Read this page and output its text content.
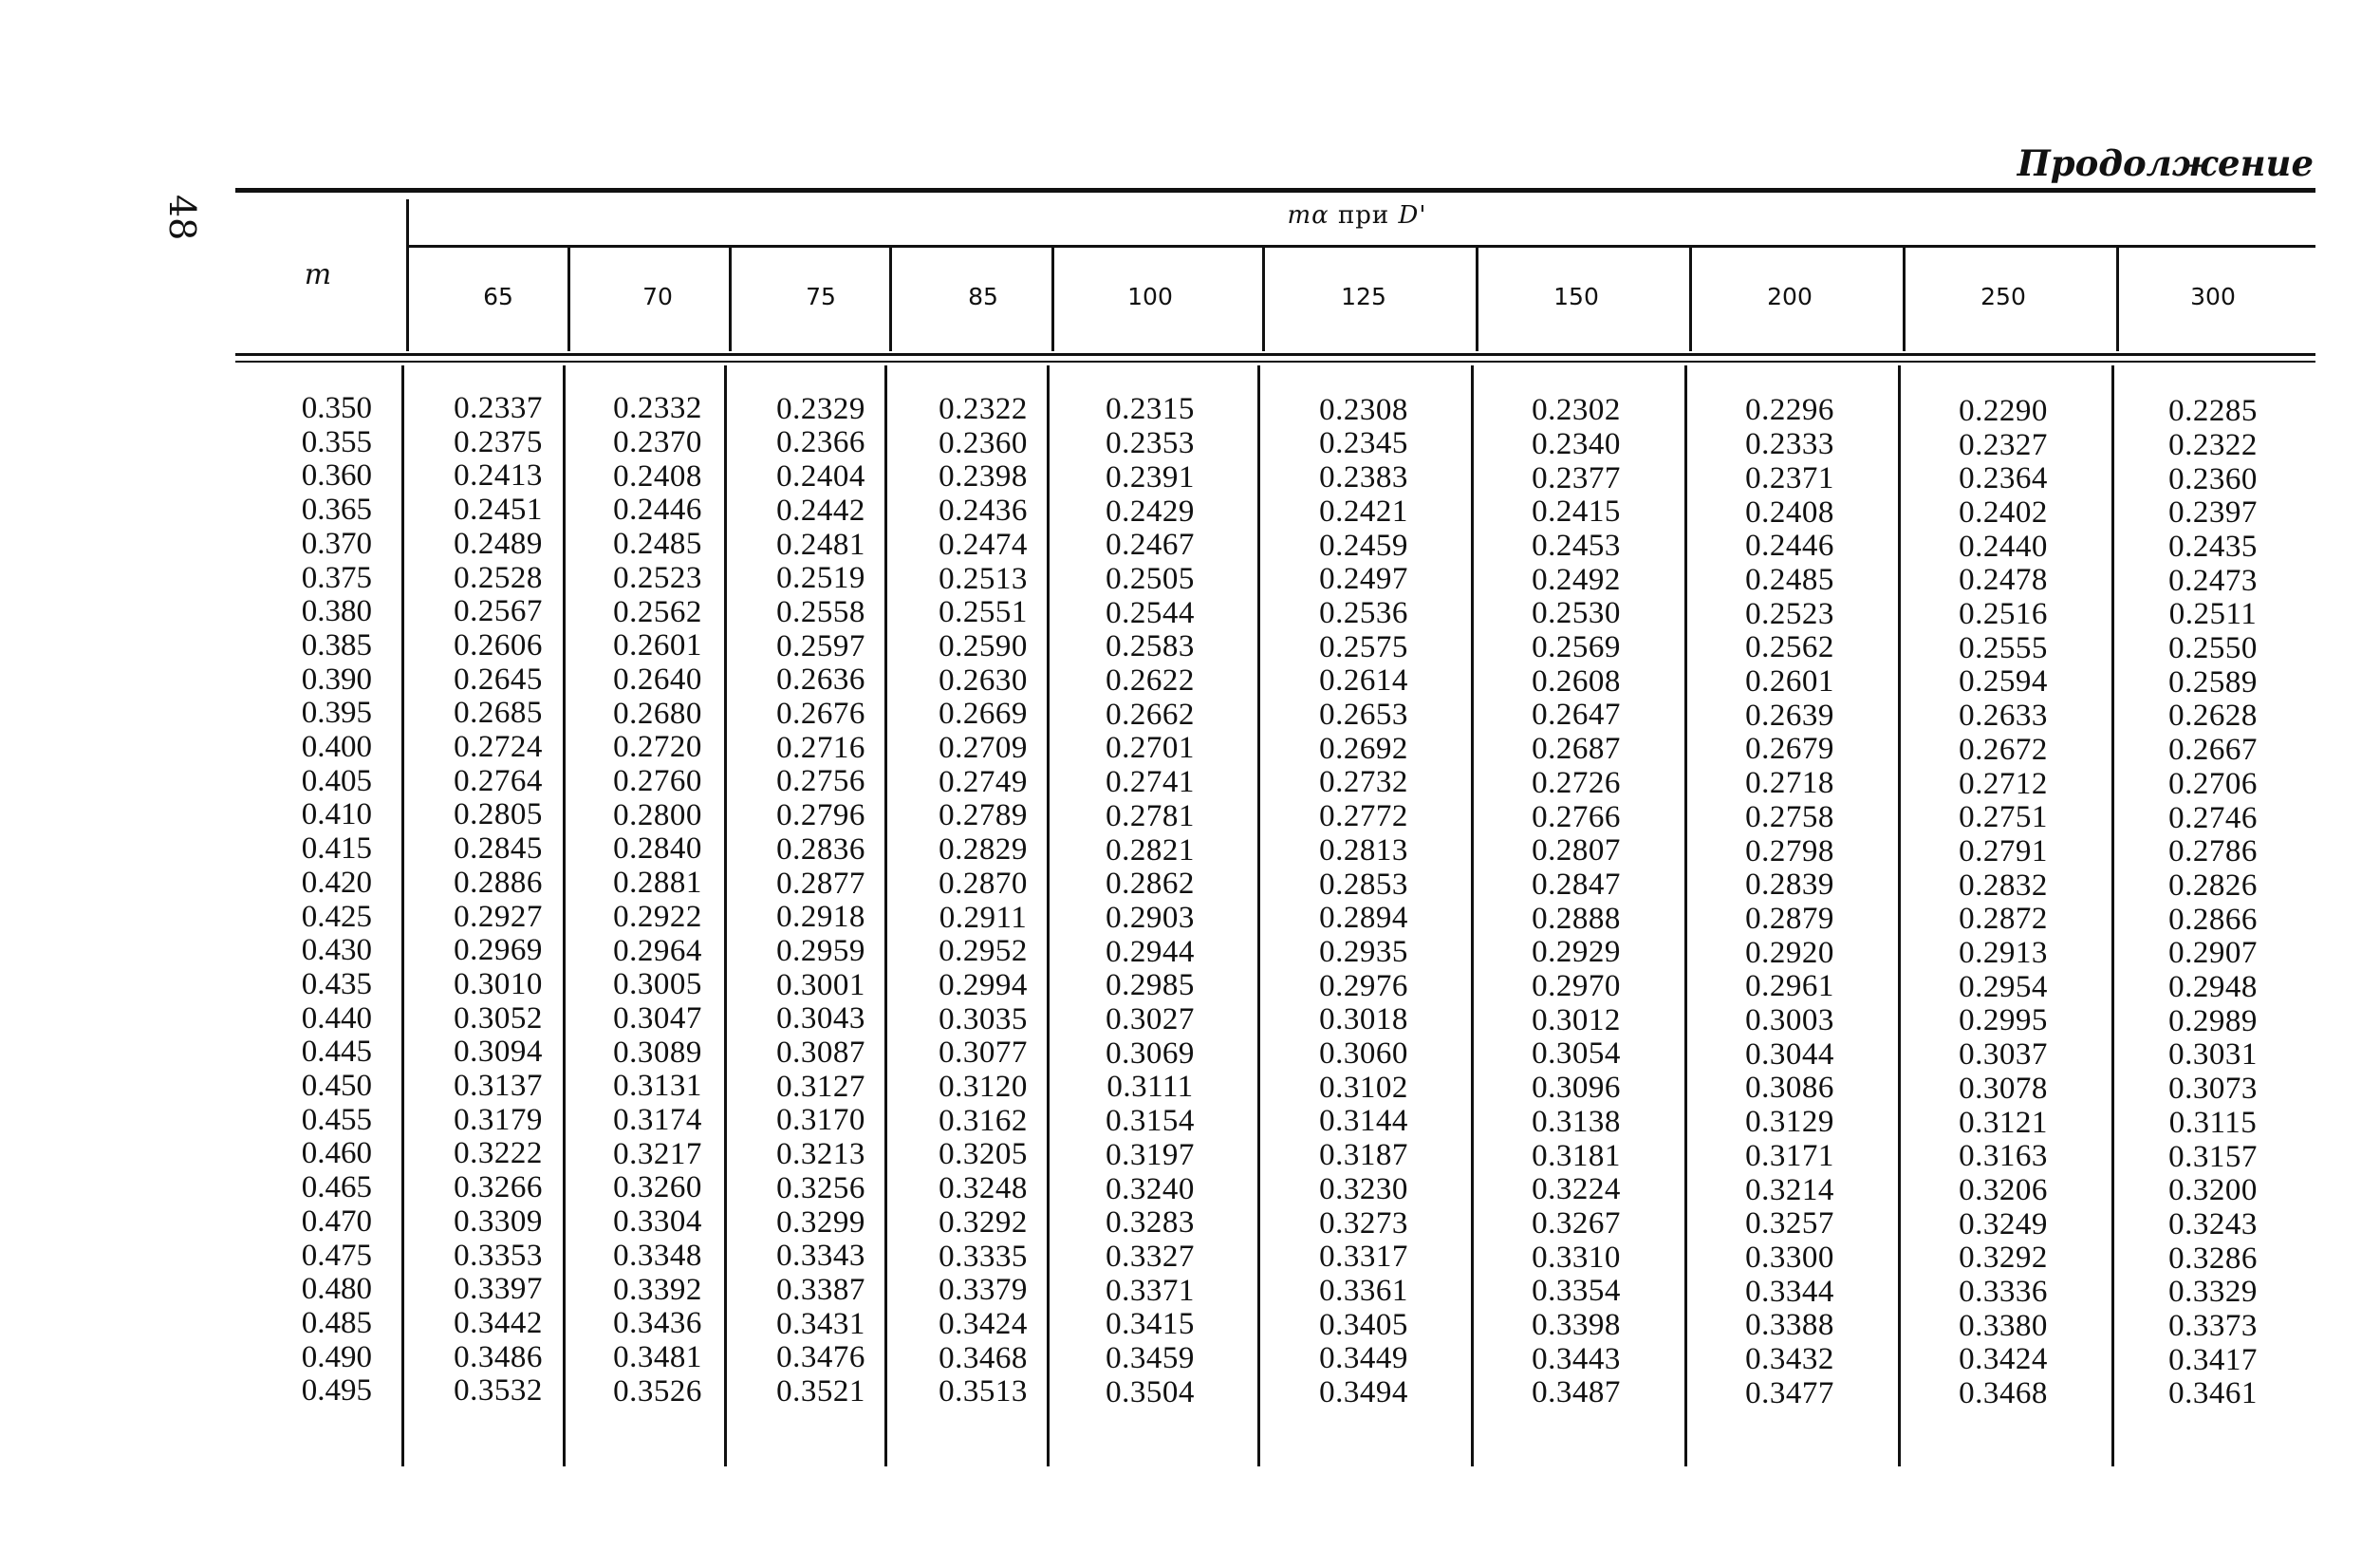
48
Продолжение
m
mα при D'
65	70	75	85	100	125	150	200	250	300
0.350	0.2337	0.2332	0.2329	0.2322	0.2315	0.2308	0.2302	0.2296	0.2290	0.2285
0.355	0.2375	0.2370	0.2366	0.2360	0.2353	0.2345	0.2340	0.2333	0.2327	0.2322
0.360	0.2413	0.2408	0.2404	0.2398	0.2391	0.2383	0.2377	0.2371	0.2364	0.2360
0.365	0.2451	0.2446	0.2442	0.2436	0.2429	0.2421	0.2415	0.2408	0.2402	0.2397
0.370	0.2489	0.2485	0.2481	0.2474	0.2467	0.2459	0.2453	0.2446	0.2440	0.2435
0.375	0.2528	0.2523	0.2519	0.2513	0.2505	0.2497	0.2492	0.2485	0.2478	0.2473
0.380	0.2567	0.2562	0.2558	0.2551	0.2544	0.2536	0.2530	0.2523	0.2516	0.2511
0.385	0.2606	0.2601	0.2597	0.2590	0.2583	0.2575	0.2569	0.2562	0.2555	0.2550
0.390	0.2645	0.2640	0.2636	0.2630	0.2622	0.2614	0.2608	0.2601	0.2594	0.2589
0.395	0.2685	0.2680	0.2676	0.2669	0.2662	0.2653	0.2647	0.2639	0.2633	0.2628
0.400	0.2724	0.2720	0.2716	0.2709	0.2701	0.2692	0.2687	0.2679	0.2672	0.2667
0.405	0.2764	0.2760	0.2756	0.2749	0.2741	0.2732	0.2726	0.2718	0.2712	0.2706
0.410	0.2805	0.2800	0.2796	0.2789	0.2781	0.2772	0.2766	0.2758	0.2751	0.2746
0.415	0.2845	0.2840	0.2836	0.2829	0.2821	0.2813	0.2807	0.2798	0.2791	0.2786
0.420	0.2886	0.2881	0.2877	0.2870	0.2862	0.2853	0.2847	0.2839	0.2832	0.2826
0.425	0.2927	0.2922	0.2918	0.2911	0.2903	0.2894	0.2888	0.2879	0.2872	0.2866
0.430	0.2969	0.2964	0.2959	0.2952	0.2944	0.2935	0.2929	0.2920	0.2913	0.2907
0.435	0.3010	0.3005	0.3001	0.2994	0.2985	0.2976	0.2970	0.2961	0.2954	0.2948
0.440	0.3052	0.3047	0.3043	0.3035	0.3027	0.3018	0.3012	0.3003	0.2995	0.2989
0.445	0.3094	0.3089	0.3087	0.3077	0.3069	0.3060	0.3054	0.3044	0.3037	0.3031
0.450	0.3137	0.3131	0.3127	0.3120	0.3111	0.3102	0.3096	0.3086	0.3078	0.3073
0.455	0.3179	0.3174	0.3170	0.3162	0.3154	0.3144	0.3138	0.3129	0.3121	0.3115
0.460	0.3222	0.3217	0.3213	0.3205	0.3197	0.3187	0.3181	0.3171	0.3163	0.3157
0.465	0.3266	0.3260	0.3256	0.3248	0.3240	0.3230	0.3224	0.3214	0.3206	0.3200
0.470	0.3309	0.3304	0.3299	0.3292	0.3283	0.3273	0.3267	0.3257	0.3249	0.3243
0.475	0.3353	0.3348	0.3343	0.3335	0.3327	0.3317	0.3310	0.3300	0.3292	0.3286
0.480	0.3397	0.3392	0.3387	0.3379	0.3371	0.3361	0.3354	0.3344	0.3336	0.3329
0.485	0.3442	0.3436	0.3431	0.3424	0.3415	0.3405	0.3398	0.3388	0.3380	0.3373
0.490	0.3486	0.3481	0.3476	0.3468	0.3459	0.3449	0.3443	0.3432	0.3424	0.3417
0.495	0.3532	0.3526	0.3521	0.3513	0.3504	0.3494	0.3487	0.3477	0.3468	0.3461
